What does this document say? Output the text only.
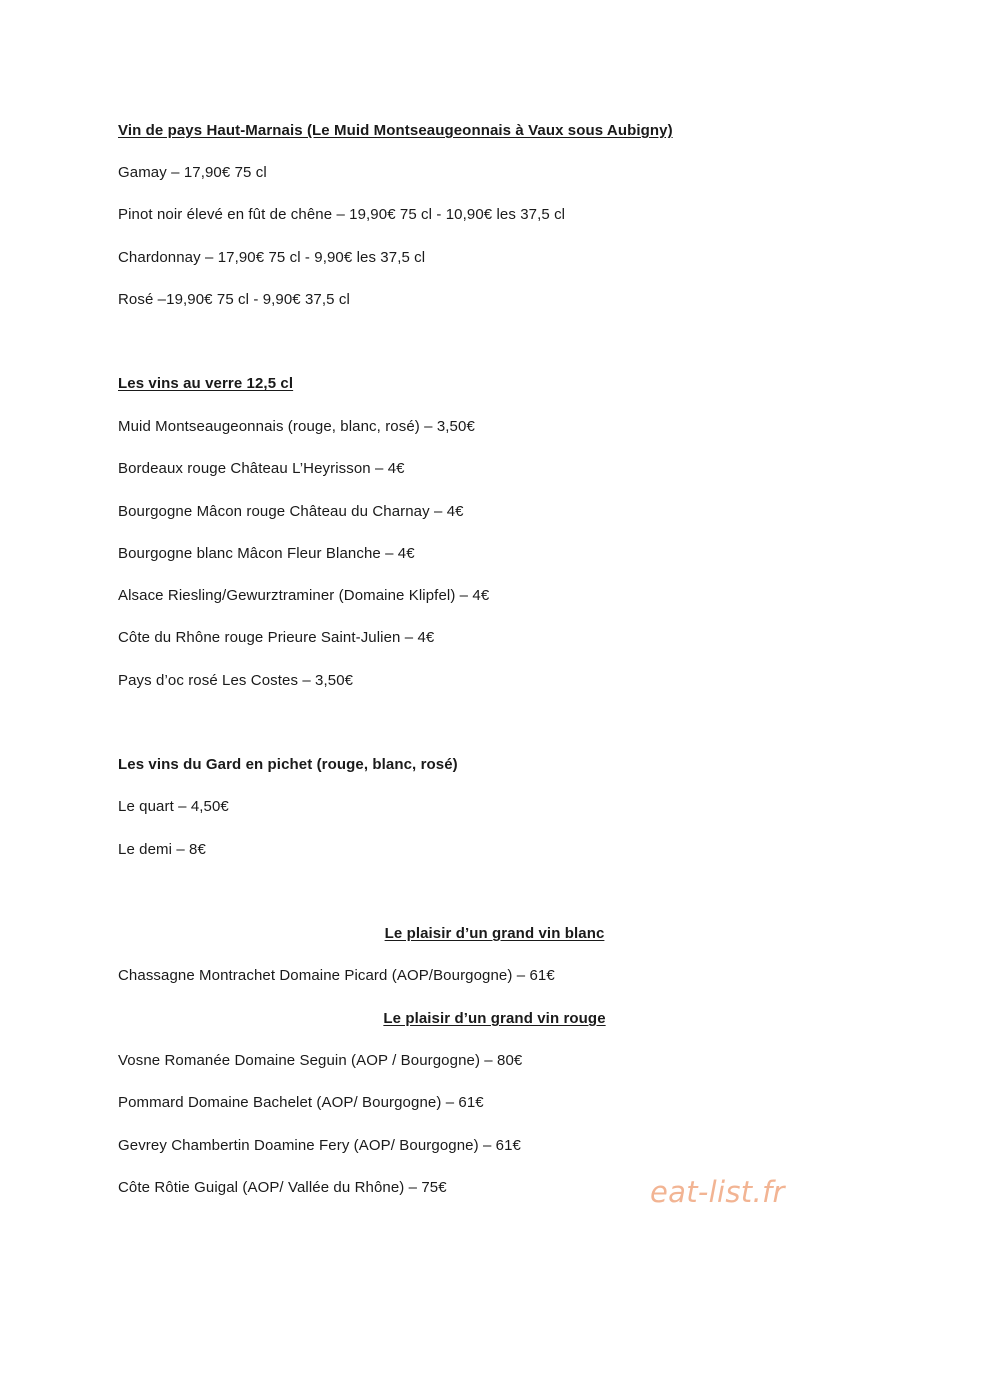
Vin de pays Haut-Marnais (Le Muid Montseaugeonnais à Vaux sous Aubigny)
Gamay – 17,90€ 75 cl
Pinot noir élevé en fût de chêne – 19,90€ 75 cl - 10,90€ les 37,5 cl
Chardonnay – 17,90€ 75 cl - 9,90€ les 37,5 cl
Rosé –19,90€ 75 cl - 9,90€ 37,5 cl
Les vins au verre 12,5 cl
Muid Montseaugeonnais (rouge, blanc, rosé) – 3,50€
Bordeaux rouge Château L’Heyrisson – 4€
Bourgogne Mâcon rouge Château du Charnay – 4€
Bourgogne blanc Mâcon Fleur Blanche – 4€
Alsace Riesling/Gewurztraminer (Domaine Klipfel) – 4€
Côte du Rhône rouge Prieure Saint-Julien – 4€
Pays d’oc rosé Les Costes – 3,50€
Les vins du Gard en pichet (rouge, blanc, rosé)
Le quart – 4,50€
Le demi – 8€
Le plaisir d’un grand vin blanc
Chassagne Montrachet Domaine Picard (AOP/Bourgogne) – 61€
Le plaisir d’un grand vin rouge
Vosne Romanée Domaine Seguin (AOP / Bourgogne) – 80€
Pommard Domaine Bachelet (AOP/ Bourgogne) – 61€
Gevrey Chambertin Doamine Fery (AOP/ Bourgogne) – 61€
Côte Rôtie Guigal (AOP/ Vallée du Rhône) – 75€	eat-list.fr
